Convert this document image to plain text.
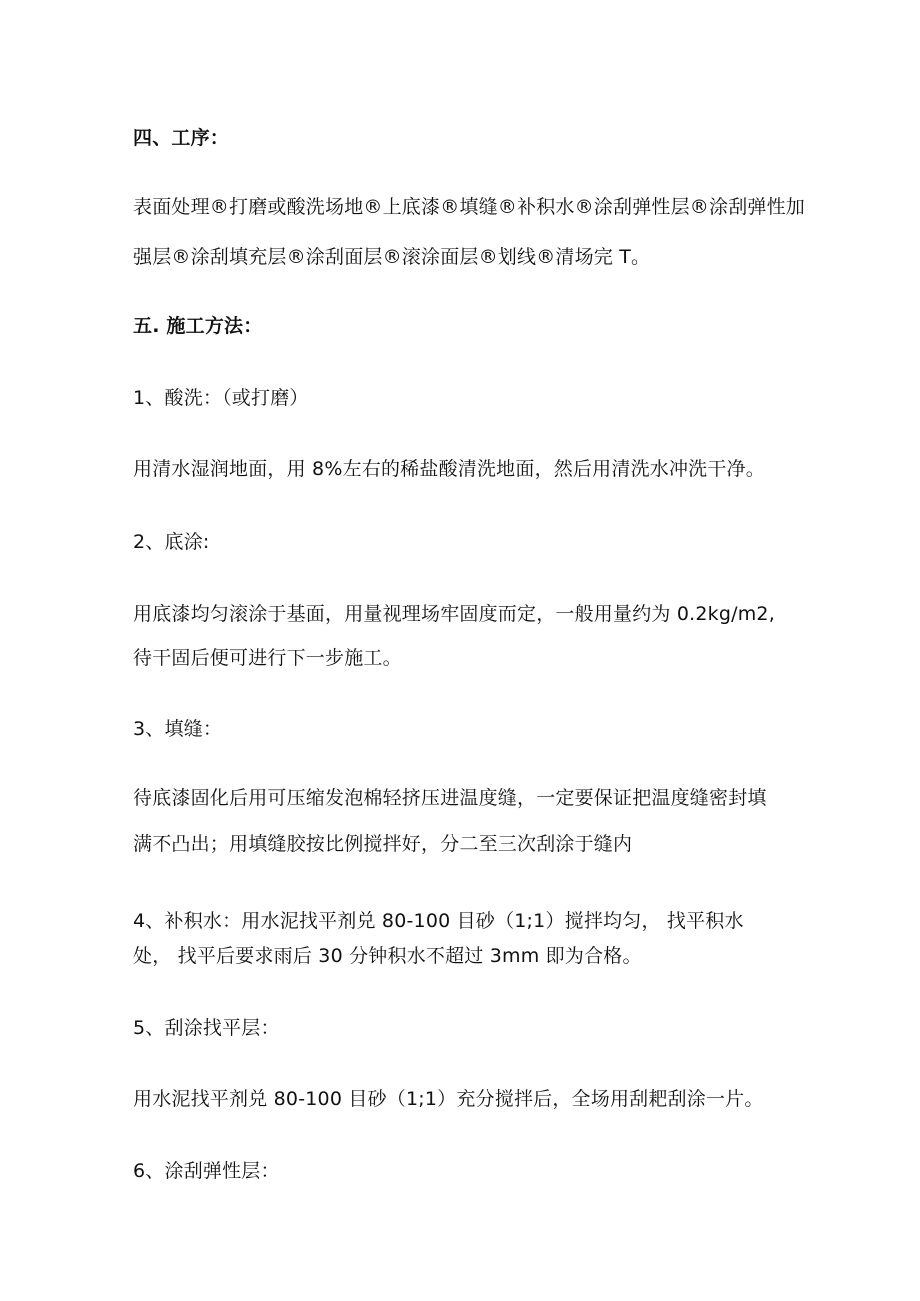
四、工序：
表面处理®打磨或酸洗场地®上底漆®填缝®补积水®涂刮弹性层®涂刮弹性加
强层®涂刮填充层®涂刮面层®滚涂面层®划线®清场完 T。
五. 施工方法：
1、酸洗：（或打磨）
用清水湿润地面，用 8%左右的稀盐酸清洗地面，然后用清洗水冲洗干净。
2、底涂:
用底漆均匀滚涂于基面，用量视理场牢固度而定，一般用量约为 0.2kg/m2,
待干固后便可进行下一步施工。
3、填缝：
待底漆固化后用可压缩发泡棉轻挤压进温度缝，一定要保证把温度缝密封填
满不凸出；用填缝胶按比例搅拌好，分二至三次刮涂于缝内
4、补积水：用水泥找平剂兑 80-100 目砂（1;1）搅拌均匀， 找平积水
处， 找平后要求雨后 30 分钟积水不超过 3mm 即为合格。
5、刮涂找平层：
用水泥找平剂兑 80-100 目砂（1;1）充分搅拌后，全场用刮耙刮涂一片。
6、涂刮弹性层：
